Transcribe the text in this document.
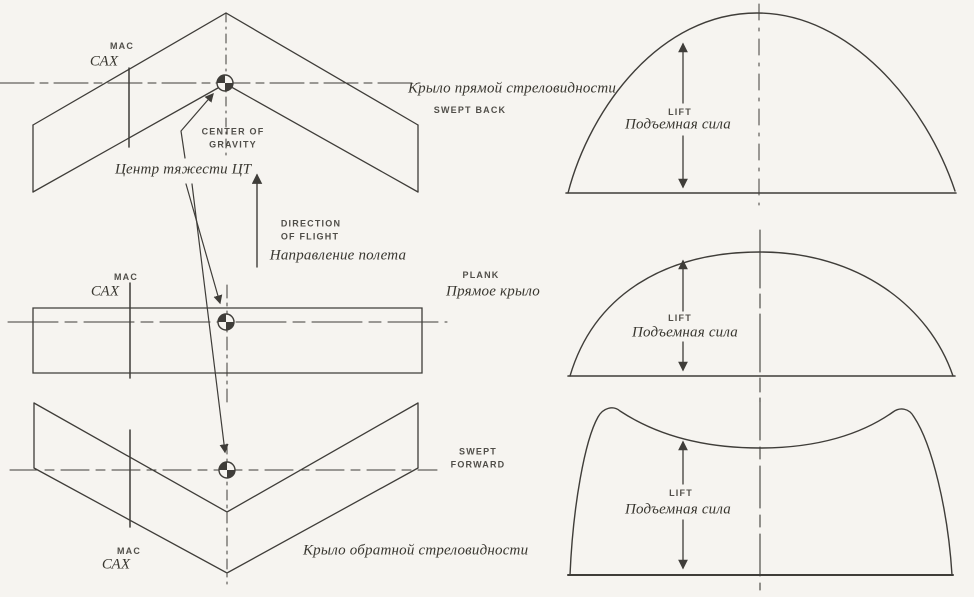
MAC
САХ
Крыло прямой стреловидности
SWEPT BACK
CENTER OF
GRAVITY
Центр тяжести ЦТ
DIRECTION
OF FLIGHT
Направление полета
MAC
САХ
PLANK
Прямое крыло
SWEPT
FORWARD
MAC
САХ
Крыло обратной стреловидности
LIFT
Подъемная сила
LIFT
Подъемная сила
LIFT
Подъемная сила
